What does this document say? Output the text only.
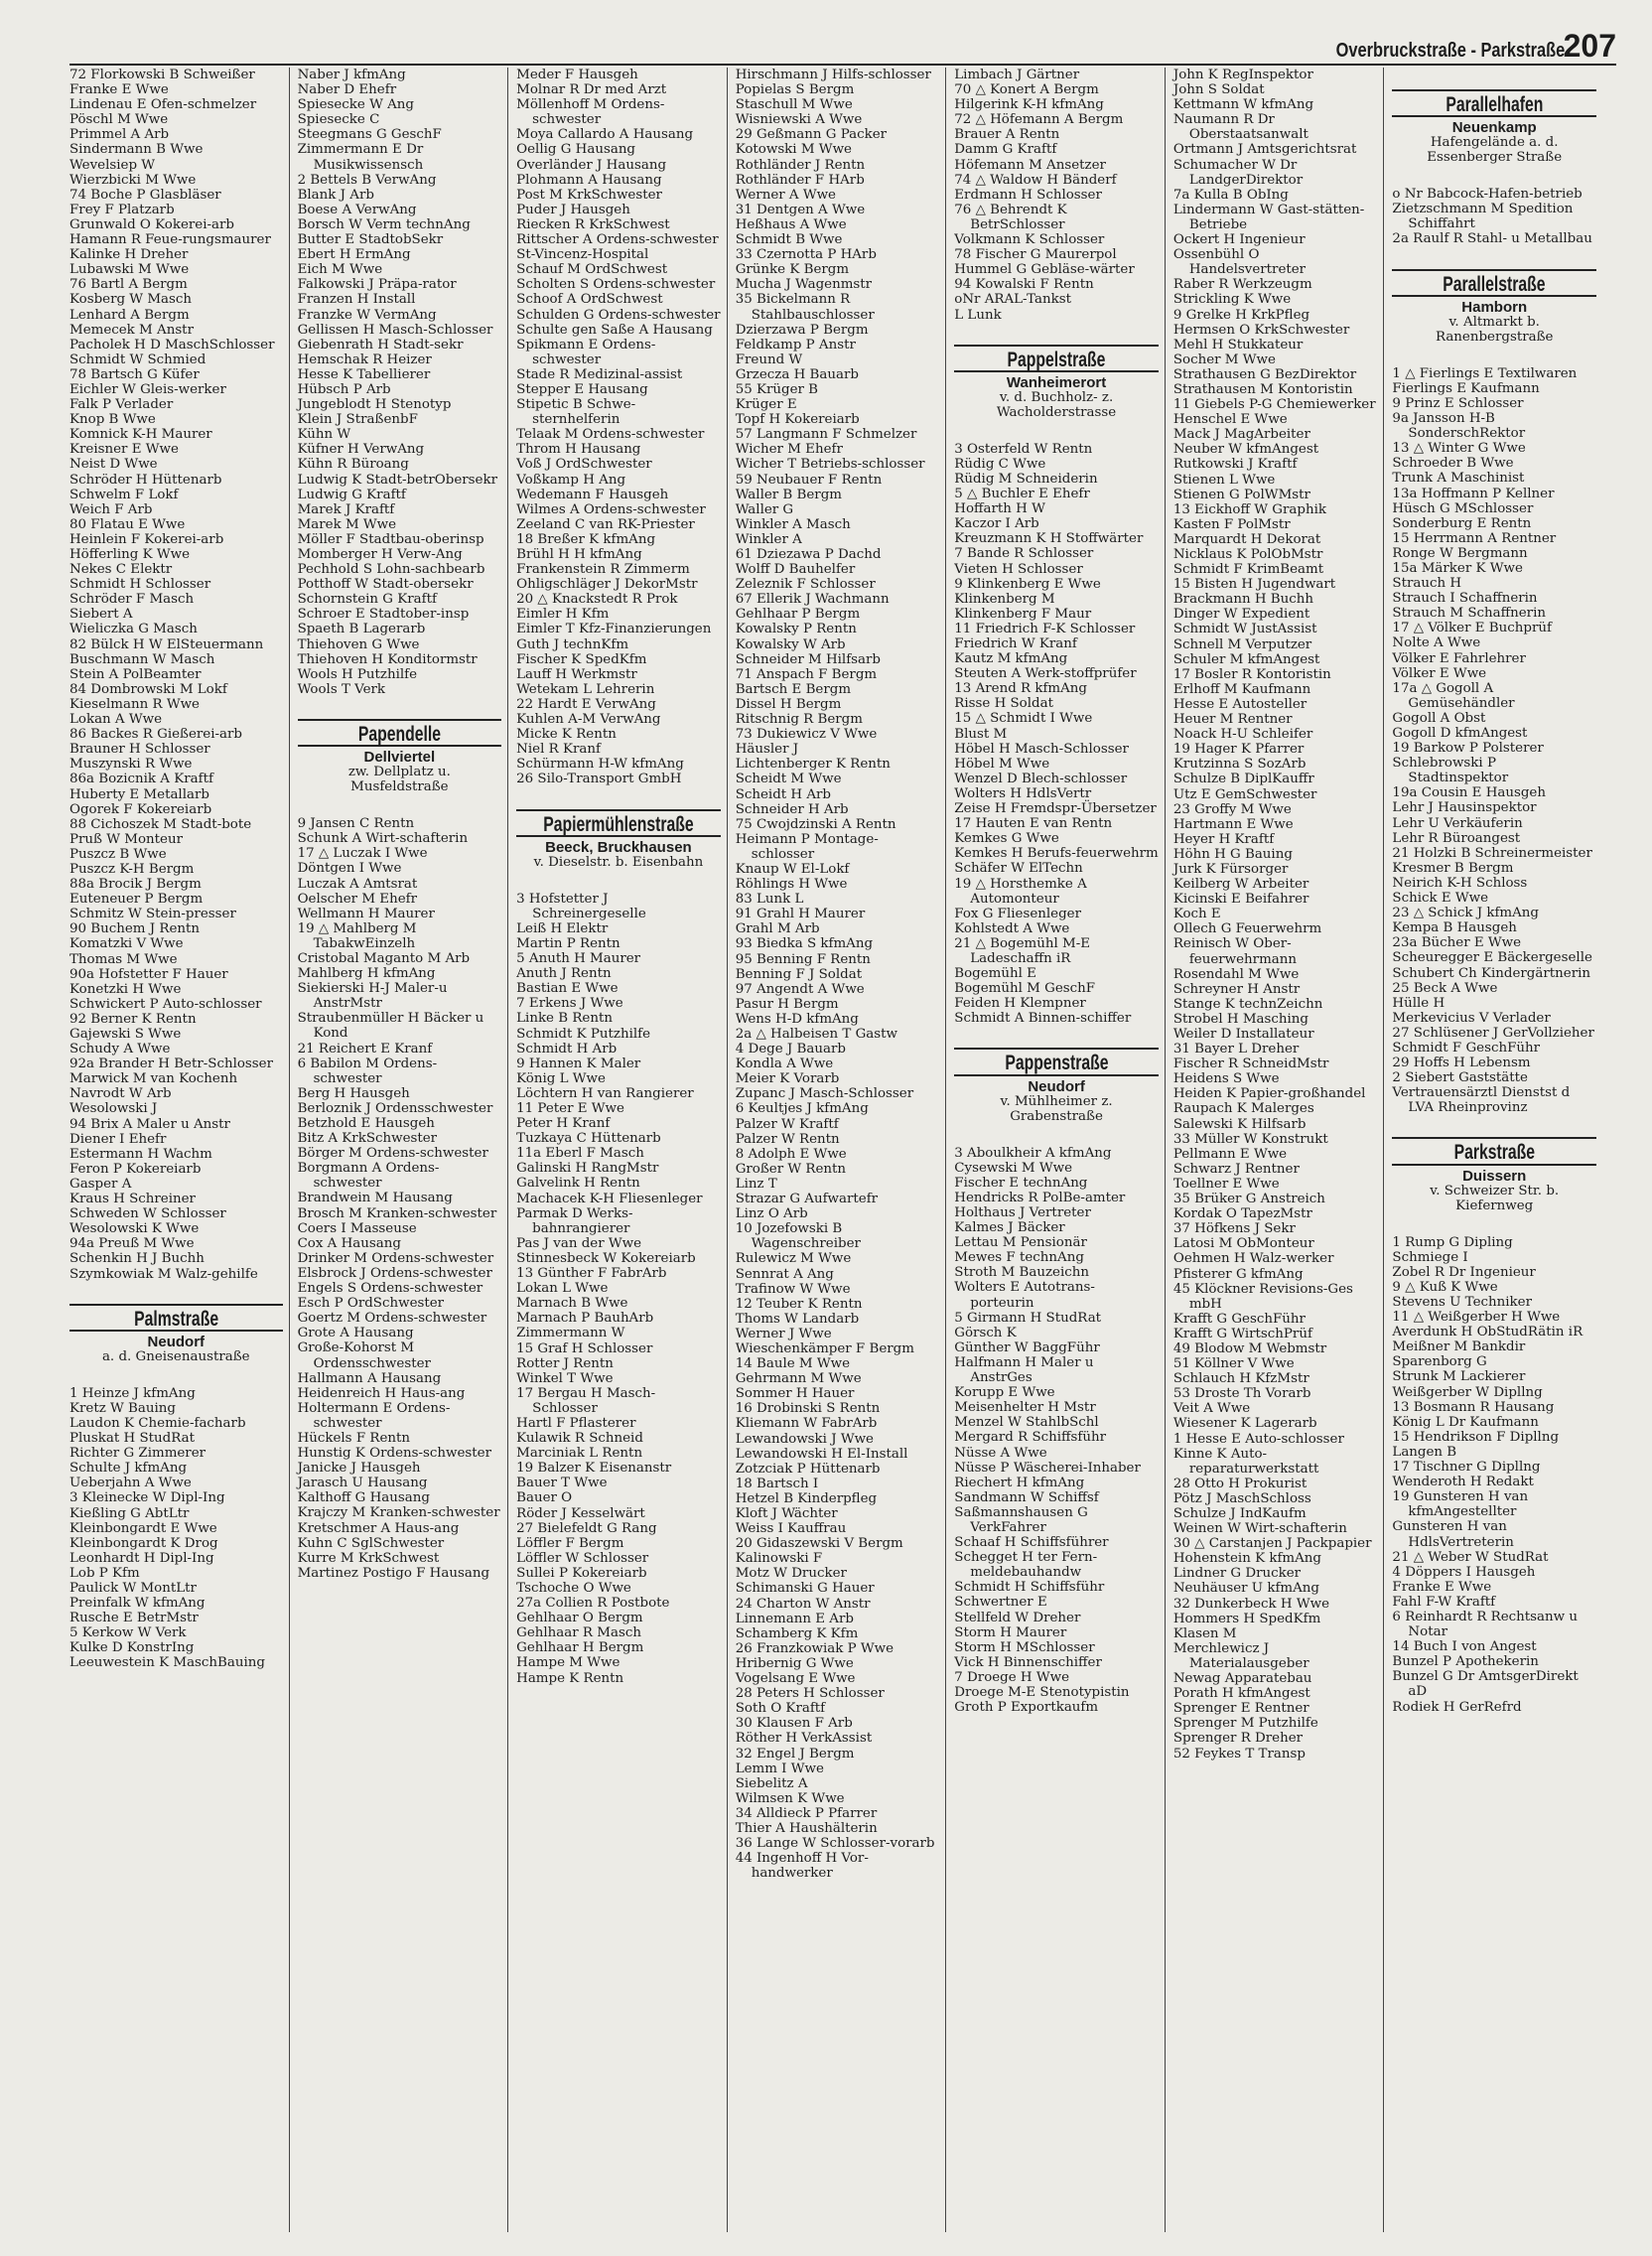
Overbruckstraße - Parkstraße
207
72 Florkowski B Schweißer
Franke E Wwe
Lindenau E Ofen-schmelzer
Pöschl M Wwe
Primmel A Arb
Sindermann B Wwe
Wevelsiep W
Wierzbicki M Wwe
74 Boche P Glasbläser
Frey F Platzarb
Grunwald O Kokerei-arb
Hamann R Feue-rungsmaurer
Kalinke H Dreher
Lubawski M Wwe
76 Bartl A Bergm
Kosberg W Masch
Lenhard A Bergm
Memecek M Anstr
Pacholek H D MaschSchlosser
Schmidt W Schmied
78 Bartsch G Küfer
Eichler W Gleis-werker
Falk P Verlader
Knop B Wwe
Komnick K-H Maurer
Kreisner E Wwe
Neist D Wwe
Schröder H Hüttenarb
Schwelm F Lokf
Weich F Arb
80 Flatau E Wwe
Heinlein F Kokerei-arb
Höfferling K Wwe
Nekes C Elektr
Schmidt H Schlosser
Schröder F Masch
Siebert A
Wieliczka G Masch
82 Bülck H W ElSteuermann
Buschmann W Masch
Stein A PolBeamter
84 Dombrowski M Lokf
Kieselmann R Wwe
Lokan A Wwe
86 Backes R Gießerei-arb
Brauner H Schlosser
Muszynski R Wwe
86a Bozicnik A Kraftf
Huberty E Metallarb
Ogorek F Kokereiarb
88 Cichoszek M Stadt-bote
Pruß W Monteur
Puszcz B Wwe
Puszcz K-H Bergm
88a Brocik J Bergm
Euteneuer P Bergm
Schmitz W Stein-presser
90 Buchem J Rentn
Komatzki V Wwe
Thomas M Wwe
90a Hofstetter F Hauer
Konetzki H Wwe
Schwickert P Auto-schlosser
92 Berner K Rentn
Gajewski S Wwe
Schudy A Wwe
92a Brander H Betr-Schlosser
Marwick M van Kochenh
Navrodt W Arb
Wesolowski J
94 Brix A Maler u Anstr
Diener I Ehefr
Estermann H Wachm
Feron P Kokereiarb
Gasper A
Kraus H Schreiner
Schweden W Schlosser
Wesolowski K Wwe
94a Preuß M Wwe
Schenkin H J Buchh
Szymkowiak M Walz-gehilfe
Palmstraße
Neudorf
a. d. Gneisenaustraße
1 Heinze J kfmAng
Kretz W Bauing
Laudon K Chemie-facharb
Pluskat H StudRat
Richter G Zimmerer
Schulte J kfmAng
Ueberjahn A Wwe
3 Kleinecke W Dipl-Ing
Kießling G AbtLtr
Kleinbongardt E Wwe
Kleinbongardt K Drog
Leonhardt H Dipl-Ing
Lob P Kfm
Paulick W MontLtr
Preinfalk W kfmAng
Rusche E BetrMstr
5 Kerkow W Verk
Kulke D KonstrIng
Leeuwestein K MaschBauing
Naber J kfmAng
Naber D Ehefr
Spiesecke W Ang
Spiesecke C
Steegmans G GeschF
Zimmermann E Dr Musikwissensch
2 Bettels B VerwAng
Blank J Arb
Boese A VerwAng
Borsch W Verm technAng
Butter E StadtobSekr
Ebert H ErmAng
Eich M Wwe
Falkowski J Präpa-rator
Franzen H Install
Franzke W VermAng
Gellissen H Masch-Schlosser
Giebenrath H Stadt-sekr
Hemschak R Heizer
Hesse K Tabellierer
Hübsch P Arb
Jungeblodt H Stenotyp
Klein J StraßenbF
Kühn W
Küfner H VerwAng
Kühn R Büroang
Ludwig K Stadt-betrObersekr
Ludwig G Kraftf
Marek J Kraftf
Marek M Wwe
Möller F Stadtbau-oberinsp
Momberger H Verw-Ang
Pechhold S Lohn-sachbearb
Potthoff W Stadt-obersekr
Schornstein G Kraftf
Schroer E Stadtober-insp
Spaeth B Lagerarb
Thiehoven G Wwe
Thiehoven H Konditormstr
Wools H Putzhilfe
Wools T Verk
Papendelle
Dellviertel
zw. Dellplatz u. Musfeldstraße
9 Jansen C Rentn
Schunk A Wirt-schafterin
17 △ Luczak I Wwe
Döntgen I Wwe
Luczak A Amtsrat
Oelscher M Ehefr
Wellmann H Maurer
19 △ Mahlberg M TabakwEinzelh
Cristobal Maganto M Arb
Mahlberg H kfmAng
Siekierski H-J Maler-u AnstrMstr
Straubenmüller H Bäcker u Kond
21 Reichert E Kranf
6 Babilon M Ordens-schwester
Berg H Hausgeh
Berloznik J Ordensschwester
Betzhold E Hausgeh
Bitz A KrkSchwester
Börger M Ordens-schwester
Borgmann A Ordens-schwester
Brandwein M Hausang
Brosch M Kranken-schwester
Coers I Masseuse
Cox A Hausang
Drinker M Ordens-schwester
Elsbrock J Ordens-schwester
Engels S Ordens-schwester
Esch P OrdSchwester
Goertz M Ordens-schwester
Grote A Hausang
Große-Kohorst M Ordensschwester
Hallmann A Hausang
Heidenreich H Haus-ang
Holtermann E Ordens-schwester
Hückels F Rentn
Hunstig K Ordens-schwester
Janicke J Hausgeh
Jarasch U Hausang
Kalthoff G Hausang
Krajczy M Kranken-schwester
Kretschmer A Haus-ang
Kuhn C SglSchwester
Kurre M KrkSchwest
Martinez Postigo F Hausang
Meder F Hausgeh
Molnar R Dr med Arzt
Möllenhoff M Ordens-schwester
Moya Callardo A Hausang
Oellig G Hausang
Overländer J Hausang
Plohmann A Hausang
Post M KrkSchwester
Puder J Hausgeh
Riecken R KrkSchwest
Rittscher A Ordens-schwester
St-Vincenz-Hospital
Schauf M OrdSchwest
Scholten S Ordens-schwester
Schoof A OrdSchwest
Schulden G Ordens-schwester
Schulte gen Saße A Hausang
Spikmann E Ordens-schwester
Stade R Medizinal-assist
Stepper E Hausang
Stipetic B Schwe-sternhelferin
Telaak M Ordens-schwester
Throm H Hausang
Voß J OrdSchwester
Voßkamp H Ang
Wedemann F Hausgeh
Wilmes A Ordens-schwester
Zeeland C van RK-Priester
18 Breßer K kfmAng
Brühl H H kfmAng
Frankenstein R Zimmerm
Ohligschläger J DekorMstr
20 △ Knackstedt R Prok
Eimler H Kfm
Eimler T Kfz-Finanzierungen
Guth J technKfm
Fischer K SpedKfm
Lauff H Werkmstr
Wetekam L Lehrerin
22 Hardt E VerwAng
Kuhlen A-M VerwAng
Micke K Rentn
Niel R Kranf
Schürmann H-W kfmAng
26 Silo-Transport GmbH
Papiermühlenstraße
Beeck, Bruckhausen
v. Dieselstr. b. Eisenbahn
3 Hofstetter J Schreinergeselle
Leiß H Elektr
Martin P Rentn
5 Anuth H Maurer
Anuth J Rentn
Bastian E Wwe
7 Erkens J Wwe
Linke B Rentn
Schmidt K Putzhilfe
Schmidt H Arb
9 Hannen K Maler
König L Wwe
Löchtern H van Rangierer
11 Peter E Wwe
Peter H Kranf
Tuzkaya C Hüttenarb
11a Eberl F Masch
Galinski H RangMstr
Galvelink H Rentn
Machacek K-H Fliesenleger
Parmak D Werks-bahnrangierer
Pas J van der Wwe
Stinnesbeck W Kokereiarb
13 Günther F FabrArb
Lokan L Wwe
Marnach B Wwe
Marnach P BauhArb
Zimmermann W
15 Graf H Schlosser
Rotter J Rentn
Winkel T Wwe
17 Bergau H Masch-Schlosser
Hartl F Pflasterer
Kulawik R Schneid
Marciniak L Rentn
19 Balzer K Eisenanstr
Bauer T Wwe
Bauer O
Röder J Kesselwärt
27 Bielefeldt G Rang
Löffler F Bergm
Löffler W Schlosser
Sullei P Kokereiarb
Tschoche O Wwe
27a Collien R Postbote
Gehlhaar O Bergm
Gehlhaar R Masch
Gehlhaar H Bergm
Hampe M Wwe
Hampe K Rentn
Hirschmann J Hilfs-schlosser
Popielas S Bergm
Staschull M Wwe
Wisniewski A Wwe
29 Geßmann G Packer
Kotowski M Wwe
Rothländer J Rentn
Rothländer F HArb
Werner A Wwe
31 Dentgen A Wwe
Heßhaus A Wwe
Schmidt B Wwe
33 Czernotta P HArb
Grünke K Bergm
Mucha J Wagenmstr
35 Bickelmann R Stahlbauschlosser
Dzierzawa P Bergm
Feldkamp P Anstr
Freund W
Grzecza H Bauarb
55 Krüger B
Krüger E
Topf H Kokereiarb
57 Langmann F Schmelzer
Wicher M Ehefr
Wicher T Betriebs-schlosser
59 Neubauer F Rentn
Waller B Bergm
Waller G
Winkler A Masch
Winkler A
61 Dziezawa P Dachd
Wolff D Bauhelfer
Zeleznik F Schlosser
67 Ellerik J Wachmann
Gehlhaar P Bergm
Kowalsky P Rentn
Kowalsky W Arb
Schneider M Hilfsarb
71 Anspach F Bergm
Bartsch E Bergm
Dissel H Bergm
Ritschnig R Bergm
73 Dukiewicz V Wwe
Häusler J
Lichtenberger K Rentn
Scheidt M Wwe
Scheidt H Arb
Schneider H Arb
75 Cwojdzinski A Rentn
Heimann P Montage-schlosser
Knaup W El-Lokf
Röhlings H Wwe
83 Lunk L
91 Grahl H Maurer
Grahl M Arb
93 Biedka S kfmAng
95 Benning F Rentn
Benning F J Soldat
97 Angendt A Wwe
Pasur H Bergm
Wens H-D kfmAng
2a △ Halbeisen T Gastw
4 Dege J Bauarb
Kondla A Wwe
Meier K Vorarb
Zupanc J Masch-Schlosser
6 Keultjes J kfmAng
Palzer W Kraftf
Palzer W Rentn
8 Adolph E Wwe
Großer W Rentn
Linz T
Strazar G Aufwartefr
Linz O Arb
10 Jozefowski B Wagenschreiber
Rulewicz M Wwe
Sennrat A Ang
Trafinow W Wwe
12 Teuber K Rentn
Thoms W Landarb
Werner J Wwe
Wieschenkämper F Bergm
14 Baule M Wwe
Gehrmann M Wwe
Sommer H Hauer
16 Drobinski S Rentn
Kliemann W FabrArb
Lewandowski J Wwe
Lewandowski H El-Install
Zotzciak P Hüttenarb
18 Bartsch I
Hetzel B Kinderpfleg
Kloft J Wächter
Weiss I Kauffrau
20 Gidaszewski V Bergm
Kalinowski F
Motz W Drucker
Schimanski G Hauer
24 Charton W Anstr
Linnemann E Arb
Schamberg K Kfm
26 Franzkowiak P Wwe
Hribernig G Wwe
Vogelsang E Wwe
28 Peters H Schlosser
Soth O Kraftf
30 Klausen F Arb
Röther H VerkAssist
32 Engel J Bergm
Lemm I Wwe
Siebelitz A
Wilmsen K Wwe
34 Alldieck P Pfarrer
Thier A Haushälterin
36 Lange W Schlosser-vorarb
44 Ingenhoff H Vor-handwerker
Limbach J Gärtner
70 △ Konert A Bergm
Hilgerink K-H kfmAng
72 △ Höfemann A Bergm
Brauer A Rentn
Damm G Kraftf
Höfemann M Ansetzer
74 △ Waldow H Bänderf
Erdmann H Schlosser
76 △ Behrendt K BetrSchlosser
Volkmann K Schlosser
78 Fischer G Maurerpol
Hummel G Gebläse-wärter
94 Kowalski F Rentn
oNr ARAL-Tankst
L Lunk
Pappelstraße
Wanheimerort
v. d. Buchholz- z. Wacholderstrasse
3 Osterfeld W Rentn
Rüdig C Wwe
Rüdig M Schneiderin
5 △ Buchler E Ehefr
Hoffarth H W
Kaczor I Arb
Kreuzmann K H Stoffwärter
7 Bande R Schlosser
Vieten H Schlosser
9 Klinkenberg E Wwe
Klinkenberg M
Klinkenberg F Maur
11 Friedrich F-K Schlosser
Friedrich W Kranf
Kautz M kfmAng
Steuten A Werk-stoffprüfer
13 Arend R kfmAng
Risse H Soldat
15 △ Schmidt I Wwe
Blust M
Höbel H Masch-Schlosser
Höbel M Wwe
Wenzel D Blech-schlosser
Wolters H HdlsVertr
Zeise H Fremdspr-Übersetzer
17 Hauten E van Rentn
Kemkes G Wwe
Kemkes H Berufs-feuerwehrm
Schäfer W ElTechn
19 △ Horsthemke A Automonteur
Fox G Fliesenleger
Kohlstedt A Wwe
21 △ Bogemühl M-E Ladeschaffn iR
Bogemühl E
Bogemühl M GeschF
Feiden H Klempner
Schmidt A Binnen-schiffer
Pappenstraße
Neudorf
v. Mühlheimer z. Grabenstraße
3 Aboulkheir A kfmAng
Cysewski M Wwe
Fischer E technAng
Hendricks R PolBe-amter
Holthaus J Vertreter
Kalmes J Bäcker
Lettau M Pensionär
Mewes F technAng
Stroth M Bauzeichn
Wolters E Autotrans-porteurin
5 Girmann H StudRat
Görsch K
Günther W BaggFühr
Halfmann H Maler u AnstrGes
Korupp E Wwe
Meisenhelter H Mstr
Menzel W StahlbSchl
Mergard R Schiffsführ
Nüsse A Wwe
Nüsse P Wäscherei-Inhaber
Riechert H kfmAng
Sandmann W Schiffsf
Saßmannshausen G VerkFahrer
Schaaf H Schiffsführer
Schegget H ter Fern-meldebauhandw
Schmidt H Schiffsführ
Schwertner E
Stellfeld W Dreher
Storm H Maurer
Storm H MSchlosser
Vick H Binnenschiffer
7 Droege H Wwe
Droege M-E Stenotypistin
Groth P Exportkaufm
John K RegInspektor
John S Soldat
Kettmann W kfmAng
Naumann R Dr Oberstaatsanwalt
Ortmann J Amtsgerichtsrat
Schumacher W Dr LandgerDirektor
7a Kulla B ObIng
Lindermann W Gast-stätten-Betriebe
Ockert H Ingenieur
Ossenbühl O Handelsvertreter
Raber R Werkzeugm
Strickling K Wwe
9 Grelke H KrkPfleg
Hermsen O KrkSchwester
Mehl H Stukkateur
Socher M Wwe
Strathausen G BezDirektor
Strathausen M Kontoristin
11 Giebels P-G Chemiewerker
Henschel E Wwe
Mack J MagArbeiter
Neuber W kfmAngest
Rutkowski J Kraftf
Stienen L Wwe
Stienen G PolWMstr
13 Eickhoff W Graphik
Kasten F PolMstr
Marquardt H Dekorat
Nicklaus K PolObMstr
Schmidt F KrimBeamt
15 Bisten H Jugendwart
Brackmann H Buchh
Dinger W Expedient
Schmidt W JustAssist
Schnell M Verputzer
Schuler M kfmAngest
17 Bosler R Kontoristin
Erlhoff M Kaufmann
Hesse E Autosteller
Heuer M Rentner
Noack H-U Schleifer
19 Hager K Pfarrer
Krutzinna S SozArb
Schulze B DiplKauffr
Utz E GemSchwester
23 Groffy M Wwe
Hartmann E Wwe
Heyer H Kraftf
Höhn H G Bauing
Jurk K Fürsorger
Keilberg W Arbeiter
Kicinski E Beifahrer
Koch E
Ollech G Feuerwehrm
Reinisch W Ober-feuerwehrmann
Rosendahl M Wwe
Schreyner H Anstr
Stange K technZeichn
Strobel H Masching
Weiler D Installateur
31 Bayer L Dreher
Fischer R SchneidMstr
Heidens S Wwe
Heiden K Papier-großhandel
Raupach K Malerges
Salewski K Hilfsarb
33 Müller W Konstrukt
Pellmann E Wwe
Schwarz J Rentner
Toellner E Wwe
35 Brüker G Anstreich
Kordak O TapezMstr
37 Höfkens J Sekr
Latosi M ObMonteur
Oehmen H Walz-werker
Pfisterer G kfmAng
45 Klöckner Revisions-Ges mbH
Krafft G GeschFühr
Krafft G WirtschPrüf
49 Blodow M Webmstr
51 Köllner V Wwe
Schlauch H KfzMstr
53 Droste Th Vorarb
Veit A Wwe
Wiesener K Lagerarb
1 Hesse E Auto-schlosser
Kinne K Auto-reparaturwerkstatt
28 Otto H Prokurist
Pötz J MaschSchloss
Schulze J IndKaufm
Weinen W Wirt-schafterin
30 △ Carstanjen J Packpapier
Hohenstein K kfmAng
Lindner G Drucker
Neuhäuser U kfmAng
32 Dunkerbeck H Wwe
Hommers H SpedKfm
Klasen M
Merchlewicz J Materialausgeber
Newag Apparatebau
Porath H kfmAngest
Sprenger E Rentner
Sprenger M Putzhilfe
Sprenger R Dreher
52 Feykes T Transp
Parallelhafen
Neuenkamp
Hafengelände a. d. Essenberger Straße
o Nr Babcock-Hafen-betrieb
Zietzschmann M Spedition Schiffahrt
2a Raulf R Stahl- u Metallbau
Parallelstraße
Hamborn
v. Altmarkt b. Ranenbergstraße
1 △ Fierlings E Textilwaren
Fierlings E Kaufmann
9 Prinz E Schlosser
9a Jansson H-B SonderschRektor
13 △ Winter G Wwe
Schroeder B Wwe
Trunk A Maschinist
13a Hoffmann P Kellner
Hüsch G MSchlosser
Sonderburg E Rentn
15 Herrmann A Rentner
Ronge W Bergmann
15a Märker K Wwe
Strauch H
Strauch I Schaffnerin
Strauch M Schaffnerin
17 △ Völker E Buchprüf
Nolte A Wwe
Völker E Fahrlehrer
Völker E Wwe
17a △ Gogoll A Gemüsehändler
Gogoll A Obst
Gogoll D kfmAngest
19 Barkow P Polsterer
Schlebrowski P Stadtinspektor
19a Cousin E Hausgeh
Lehr J Hausinspektor
Lehr U Verkäuferin
Lehr R Büroangest
21 Holzki B Schreinermeister
Kresmer B Bergm
Neirich K-H Schloss
Schick E Wwe
23 △ Schick J kfmAng
Kempa B Hausgeh
23a Bücher E Wwe
Scheuregger E Bäckergeselle
Schubert Ch Kindergärtnerin
25 Beck A Wwe
Hülle H
Merkevicius V Verlader
27 Schlüsener J GerVollzieher
Schmidt F GeschFühr
29 Hoffs H Lebensm
2 Siebert Gaststätte
Vertrauensärztl Dienstst d LVA Rheinprovinz
Parkstraße
Duissern
v. Schweizer Str. b. Kiefernweg
1 Rump G Dipling
Schmiege I
Zobel R Dr Ingenieur
9 △ Kuß K Wwe
Stevens U Techniker
11 △ Weißgerber H Wwe
Averdunk H ObStudRätin iR
Meißner M Bankdir
Sparenborg G
Strunk M Lackierer
Weißgerber W Dipllng
13 Bosmann R Hausang
König L Dr Kaufmann
15 Hendrikson F Dipllng
Langen B
17 Tischner G Dipllng
Wenderoth H Redakt
19 Gunsteren H van kfmAngestellter
Gunsteren H van HdlsVertreterin
21 △ Weber W StudRat
4 Döppers I Hausgeh
Franke E Wwe
Fahl F-W Kraftf
6 Reinhardt R Rechtsanw u Notar
14 Buch I von Angest
Bunzel P Apothekerin
Bunzel G Dr AmtsgerDirekt aD
Rodiek H GerRefrd
